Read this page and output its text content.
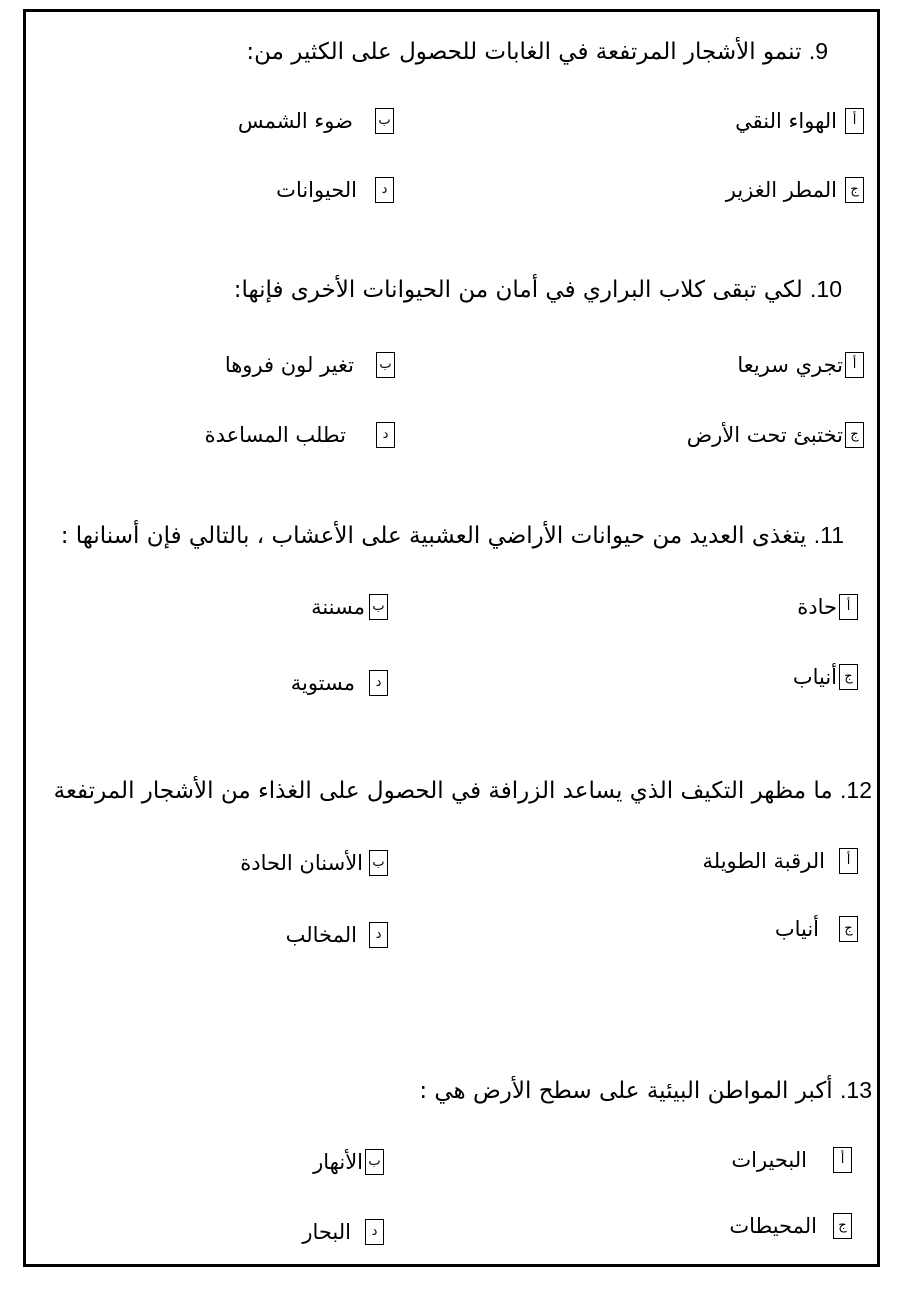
9. تنمو الأشجار المرتفعة في الغابات للحصول على الكثير من:
أ
الهواء النقي
ب
ضوء الشمس
ج
المطر الغزير
د
الحيوانات
10. لكي تبقى كلاب البراري في أمان من الحيوانات الأخرى فإنها:
أ
تجري سريعا
ب
تغير لون فروها
ج
تختبئ تحت الأرض
د
تطلب المساعدة
11. يتغذى العديد من حيوانات الأراضي العشبية على الأعشاب ، بالتالي فإن أسنانها :
أ
حادة
ب
مسننة
ج
أنياب
د
مستوية
12. ما مظهر التكيف الذي يساعد الزرافة في الحصول على الغذاء من الأشجار المرتفعة
أ
الرقبة الطويلة
ب
الأسنان الحادة
ج
أنياب
د
المخالب
13. أكبر المواطن البيئية على سطح الأرض هي :
أ
البحيرات
ب
الأنهار
ج
المحيطات
د
البحار
